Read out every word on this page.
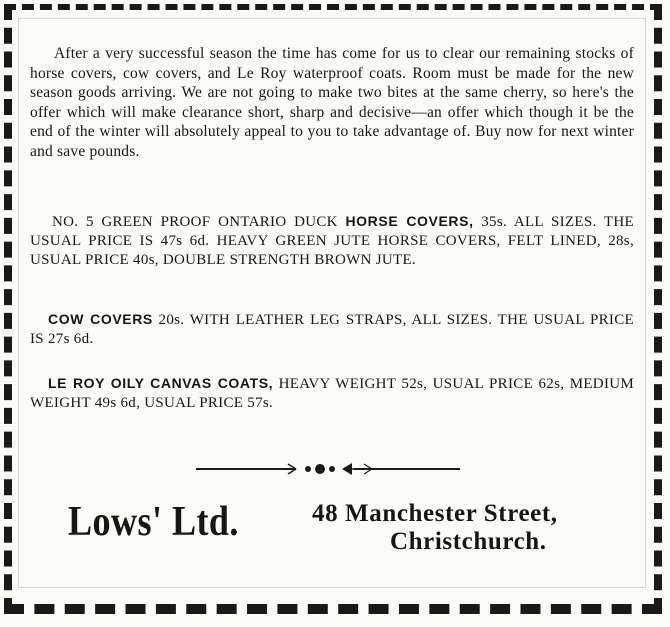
After a very successful season the time has come for us to clear our remaining stocks of horse covers, cow covers, and Le Roy waterproof coats. Room must be made for the new season goods arriving. We are not going to make two bites at the same cherry, so here's the offer which will make clearance short, sharp and decisive—an offer which though it be the end of the winter will absolutely appeal to you to take advantage of. Buy now for next winter and save pounds.

NO. 5 GREEN PROOF ONTARIO DUCK HORSE COVERS, 35s. ALL SIZES. THE USUAL PRICE IS 47s 6d. HEAVY GREEN JUTE HORSE COVERS, FELT LINED, 28s, USUAL PRICE 40s, DOUBLE STRENGTH BROWN JUTE.

COW COVERS 20s. WITH LEATHER LEG STRAPS, ALL SIZES. THE USUAL PRICE IS 27s 6d.

LE ROY OILY CANVAS COATS, HEAVY WEIGHT 52s, USUAL PRICE 62s, MEDIUM WEIGHT 49s 6d, USUAL PRICE 57s.

Lows' Ltd.	48 Manchester Street,
Christchurch.
